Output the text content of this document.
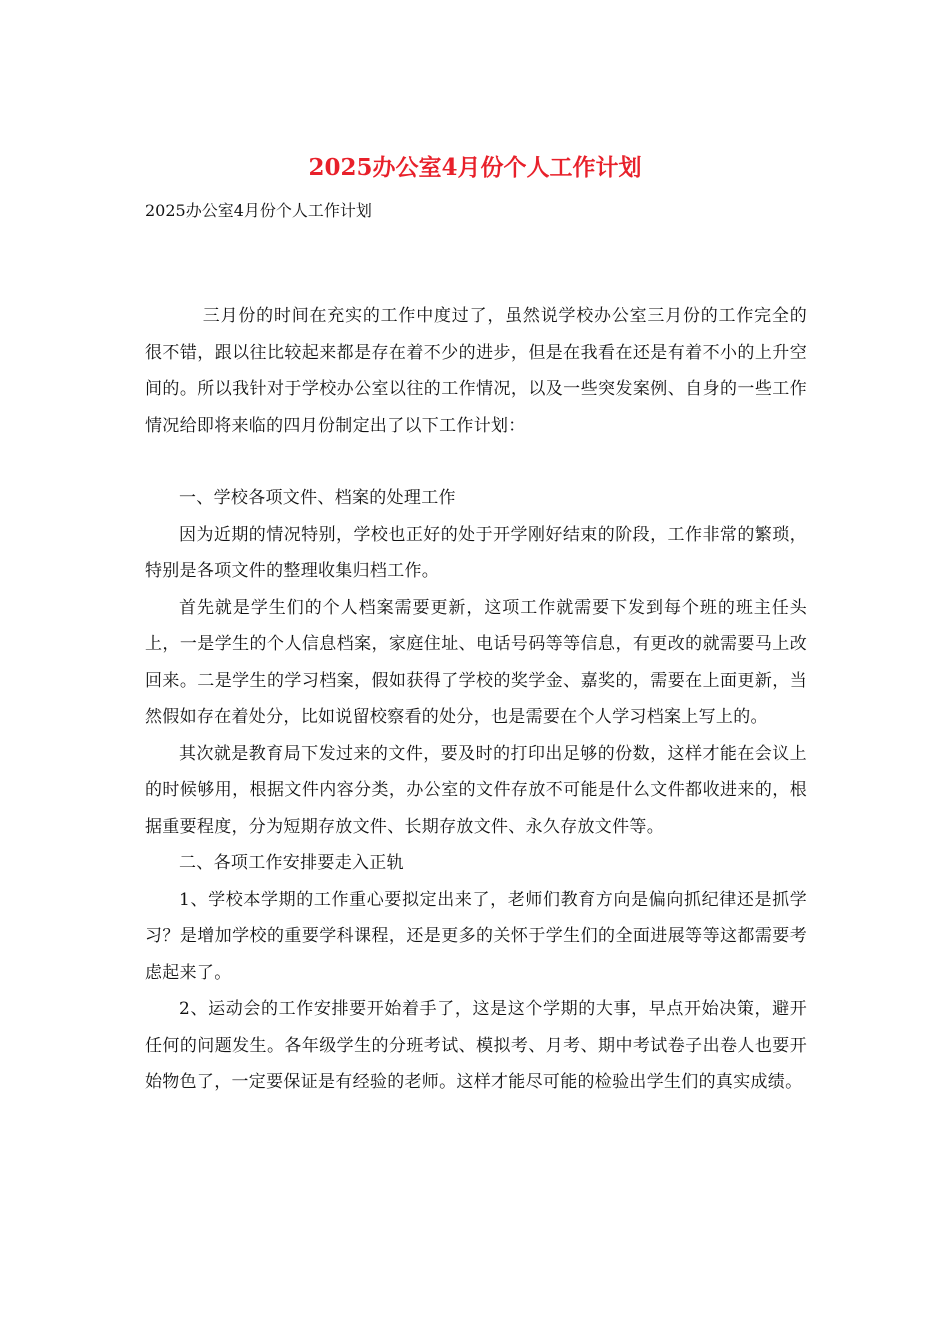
2025办公室4月份个人工作计划
2025办公室4月份个人工作计划

三月份的时间在充实的工作中度过了，虽然说学校办公室三月份的工作完全的很不错，跟以往比较起来都是存在着不少的进步，但是在我看在还是有着不小的上升空间的。所以我针对于学校办公室以往的工作情况，以及一些突发案例、自身的一些工作情况给即将来临的四月份制定出了以下工作计划：

一、学校各项文件、档案的处理工作

因为近期的情况特别，学校也正好的处于开学刚好结束的阶段，工作非常的繁琐，特别是各项文件的整理收集归档工作。

首先就是学生们的个人档案需要更新，这项工作就需要下发到每个班的班主任头上，一是学生的个人信息档案，家庭住址、电话号码等等信息，有更改的就需要马上改回来。二是学生的学习档案，假如获得了学校的奖学金、嘉奖的，需要在上面更新，当然假如存在着处分，比如说留校察看的处分，也是需要在个人学习档案上写上的。

其次就是教育局下发过来的文件，要及时的打印出足够的份数，这样才能在会议上的时候够用，根据文件内容分类，办公室的文件存放不可能是什么文件都收进来的，根据重要程度，分为短期存放文件、长期存放文件、永久存放文件等。

二、各项工作安排要走入正轨

1、学校本学期的工作重心要拟定出来了，老师们教育方向是偏向抓纪律还是抓学习？是增加学校的重要学科课程，还是更多的关怀于学生们的全面进展等等这都需要考虑起来了。

2、运动会的工作安排要开始着手了，这是这个学期的大事，早点开始决策，避开任何的问题发生。各年级学生的分班考试、模拟考、月考、期中考试卷子出卷人也要开始物色了，一定要保证是有经验的老师。这样才能尽可能的检验出学生们的真实成绩。
